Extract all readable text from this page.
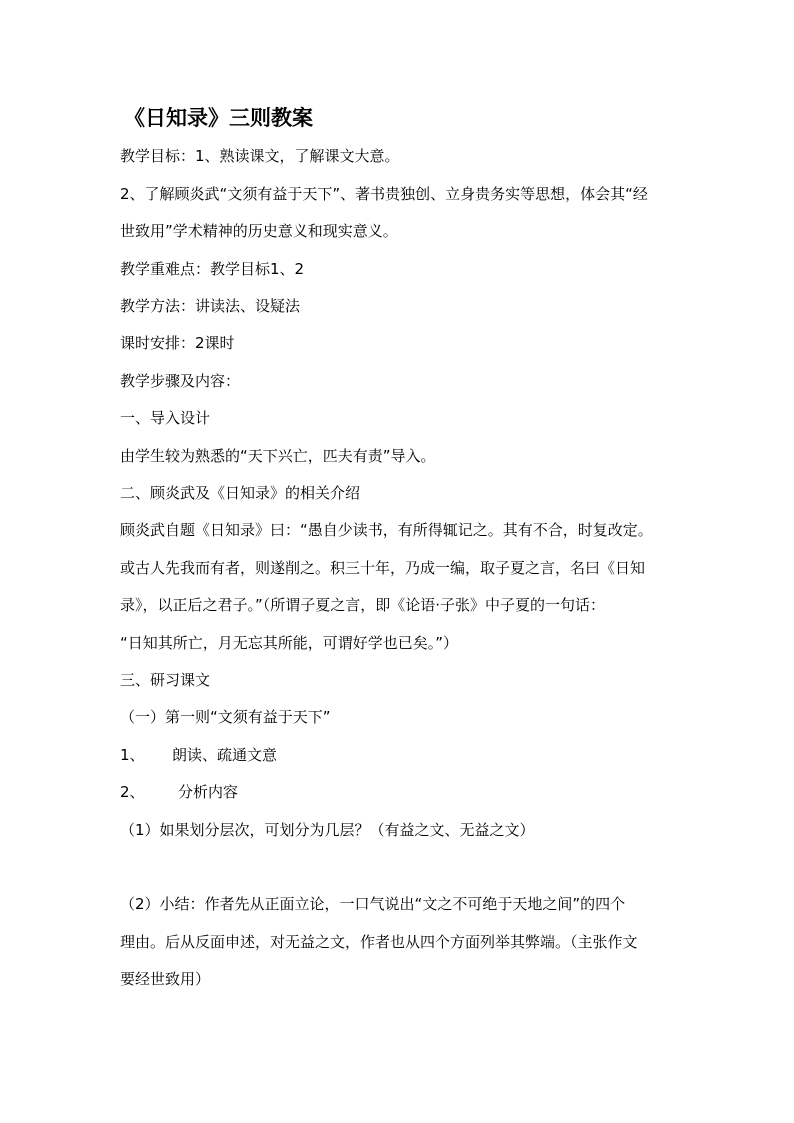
《日知录》三则教案
教学目标：1、熟读课文，了解课文大意。
2、了解顾炎武“文须有益于天下”、著书贵独创、立身贵务实等思想，体会其“经
世致用”学术精神的历史意义和现实意义。
教学重难点：教学目标1、2
教学方法：讲读法、设疑法
课时安排：2课时
教学步骤及内容：
一、导入设计
由学生较为熟悉的“天下兴亡，匹夫有责”导入。
二、顾炎武及《日知录》的相关介绍
顾炎武自题《日知录》曰：“愚自少读书，有所得辄记之。其有不合，时复改定。
或古人先我而有者，则遂削之。积三十年，乃成一编，取子夏之言，名曰《日知
录》，以正后之君子。”（所谓子夏之言，即《论语·子张》中子夏的一句话：
“日知其所亡，月无忘其所能，可谓好学也已矣。”）
三、研习课文
（一）第一则“文须有益于天下”
1、 朗读、疏通文意
2、 分析内容
（1）如果划分层次，可划分为几层？（有益之文、无益之文）
（2）小结：作者先从正面立论，一口气说出“文之不可绝于天地之间”的四个
理由。后从反面申述，对无益之文，作者也从四个方面列举其弊端。（主张作文
要经世致用）
